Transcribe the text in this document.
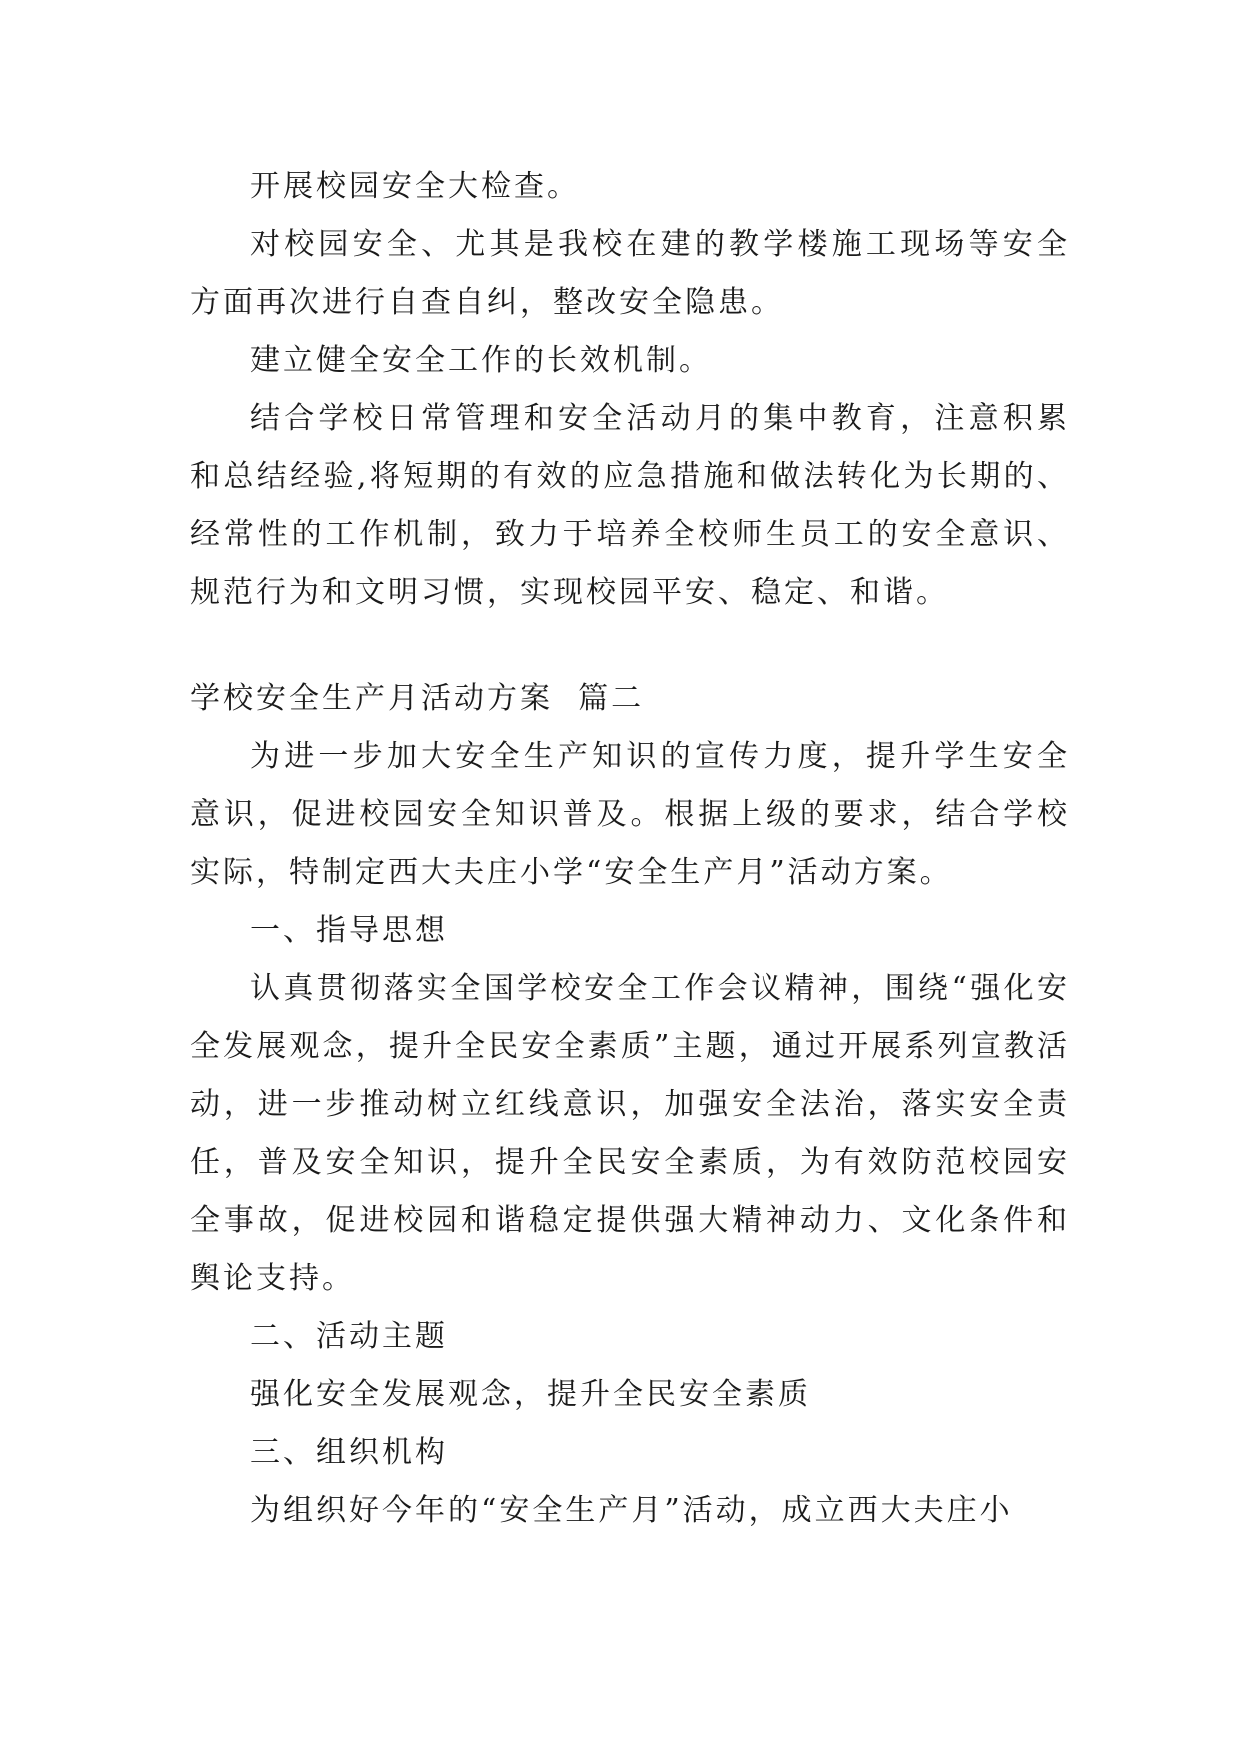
开展校园安全大检查。

对校园安全、尤其是我校在建的教学楼施工现场等安全方面再次进行自查自纠，整改安全隐患。

建立健全安全工作的长效机制。

结合学校日常管理和安全活动月的集中教育，注意积累和总结经验,将短期的有效的应急措施和做法转化为长期的、经常性的工作机制，致力于培养全校师生员工的安全意识、规范行为和文明习惯，实现校园平安、稳定、和谐。

学校安全生产月活动方案  篇二

为进一步加大安全生产知识的宣传力度，提升学生安全意识，促进校园安全知识普及。根据上级的要求，结合学校实际，特制定西大夫庄小学“安全生产月”活动方案。

一、指导思想

认真贯彻落实全国学校安全工作会议精神，围绕“强化安全发展观念，提升全民安全素质”主题，通过开展系列宣教活动，进一步推动树立红线意识，加强安全法治，落实安全责任，普及安全知识，提升全民安全素质，为有效防范校园安全事故，促进校园和谐稳定提供强大精神动力、文化条件和舆论支持。

二、活动主题

强化安全发展观念，提升全民安全素质

三、组织机构

为组织好今年的“安全生产月”活动，成立西大夫庄小
